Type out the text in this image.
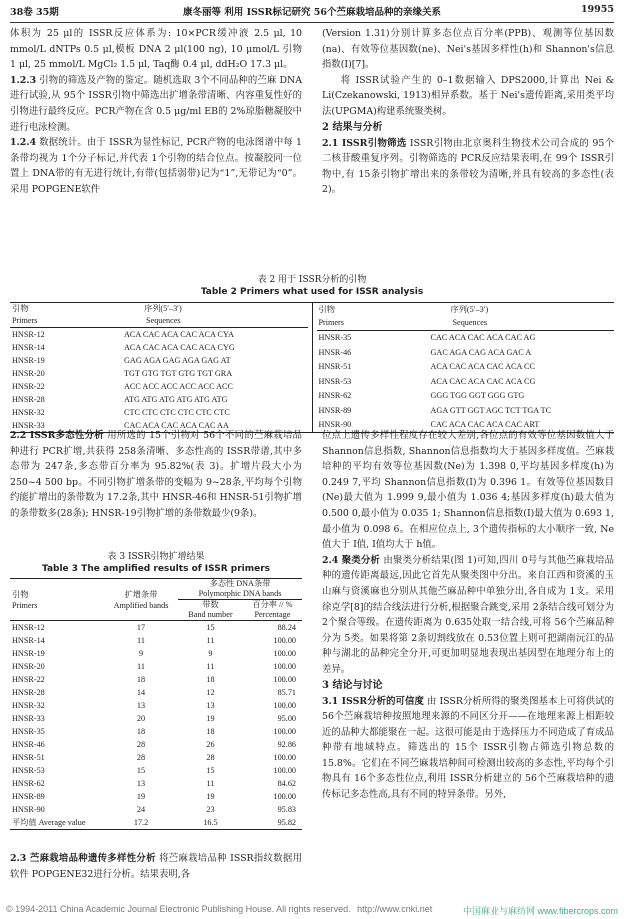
38卷 35期	康冬丽等 利用 ISSR标记研究 56个苎麻栽培品种的亲缘关系	19955

体积为 25 μl的 ISSR反应体系为: 10×PCR缓冲液 2.5 μl, 10 mmol/L dNTPs 0.5 μl,模板 DNA 2 μl(100 ng), 10 μmol/L 引物 1 μl, 25 mmol/L MgCl₂ 1.5 μl, Taq酶 0.4 μl, ddH₂O 17.3 μl。

1.2.3 引物的筛选及产物的鉴定。随机选取 3个不同品种的苎麻 DNA进行试验,从 95个 ISSR引物中筛选出扩增条带清晰、内容重复性好的引物进行最终反应。PCR产物在含 0.5 μg/ml EB的 2%琼脂糖凝胶中进行电泳检测。

1.2.4 数据统计。由于 ISSR为显性标记, PCR产物的电泳图谱中每 1条带均视为 1个分子标记,并代表 1个引物的结合位点。按凝胶同一位置上 DNA带的有无进行统计,有带(包括弱带)记为“1”,无带记为“0”。采用 POPGENE软件

(Version 1.31)分别计算多态位点百分率(PPB)、观测等位基因数(na)、有效等位基因数(ne)、Nei's基因多样性(h)和 Shannon's信息指数(I)[7]。

将 ISSR试验产生的 0–1数据输入 DPS2000,计算出 Nei & Li(Czekanowski, 1913)相异系数。基于 Nei's遗传距离,采用类平均法(UPGMA)构建系统聚类树。

2 结果与分析

2.1 ISSR引物筛选 ISSR引物由北京奥科生物技术公司合成的 95个二核苷酸重复序列。引物筛选的 PCR反应结果表明,在 99个 ISSR引物中,有 15条引物扩增出来的条带较为清晰,并具有较高的多态性(表 2)。

表 2 用于 ISSR分析的引物
Table 2 Primers what used for ISSR analysis
引物	序列(5′–3′)
Primers	Sequences
HNSR-12	ACA CAC ACA CAC ACA CYA
HNSR-14	ACA CAC ACA CAC ACA CYG
HNSR-19	GAG AGA GAG AGA GAG AT
HNSR-20	TGT GTG TGT GTG TGT GRA
HNSR-22	ACC ACC ACC ACC ACC ACC
HNSR-28	ATG ATG ATG ATG ATG ATG
HNSR-32	CTC CTC CTC CTC CTC CTC
HNSR-33	CAC ACA CAC ACA CAC AA
引物	序列(5′–3′)
Primers	Sequences
HNSR-35	CAC ACA CAC ACA CAC AG
HNSR-46	GAC AGA CAG ACA GAC A
HNSR-51	ACA CAC ACA CAC ACA CC
HNSR-53	ACA CAC ACA CAC ACA CG
HNSR-62	GGG TGG GGT GGG GTG
HNSR-89	AGA GTT GGT AGC TCT TGA TC
HNSR-90	CAC ACA CAC ACA CAC ART

2.2 ISSR多态性分析 用所选的 15个引物对 56个不同的苎麻栽培品种进行 PCR扩增,共获得 258条清晰、多态性高的 ISSR带谱,其中多态带为 247条,多态带百分率为 95.82%(表 3)。扩增片段大小为 250~4 500 bp。不同引物扩增条带的变幅为 9~28条,平均每个引物约能扩增出的条带数为 17.2条,其中 HNSR-46和 HNSR-51引物扩增的条带数多(28条); HNSR-19引物扩增的条带数最少(9条)。

表 3 ISSR引物扩增结果
Table 3 The amplified results of ISSR primers
引物
Primers	扩增条带
Amplified bands	多态性 DNA条带
Polymorphic DNA bands	
		带数	百分率 // %
		Band number	Percentage
HNSR-12	17	15	88.24
HNSR-14	11	11	100.00
HNSR-19	9	9	100.00
HNSR-20	11	11	100.00
HNSR-22	18	18	100.00
HNSR-28	14	12	85.71
HNSR-32	13	13	100.00
HNSR-33	20	19	95.00
HNSR-35	18	18	100.00
HNSR-46	28	26	92.86
HNSR-51	28	28	100.00
HNSR-53	15	15	100.00
HNSR-62	13	11	84.62
HNSR-89	19	19	100.00
HNSR-90	24	23	95.83
平均值 Average value	17.2	16.5	95.82

2.3 苎麻栽培品种遗传多样性分析 将苎麻栽培品种 ISSR指纹数据用软件 POPGENE32进行分析。结果表明,各

位点上遗传多样性程度存在较大差别,各位点的有效等位基因数值大于 Shannon信息指数, Shannon信息指数均大于基因多样度值。苎麻栽培种的平均有效等位基因数(Ne)为 1.398 0,平均基因多样度(h)为 0.249 7,平均 Shannon信息指数(I)为 0.396 1。有效等位基因数目(Ne)最大值为 1.999 9,最小值为 1.036 4;基因多样度(h)最大值为 0.500 0,最小值为 0.035 1; Shannon信息指数(I)最大值为 0.693 1,最小值为 0.098 6。在相应位点上, 3个遗传指标的大小顺序一致, Ne值大于 I值, I值均大于 h值。

2.4 聚类分析 由聚类分析结果(图 1)可知,四川 0号与其他苎麻栽培品种的遗传距离最远,因此它首先从聚类图中分出。来自江西和资溪的玉山麻与资溪麻也分别从其他苎麻品种中单独分出,各自成为 1支。采用徐克学[8]的结合线法进行分析,根据聚合跳变,采用 2条结合线可划分为 2个聚合等级。在遗传距离为 0.635处取一结合线,可将 56个苎麻品种分为 5类。如果将第 2条切割线放在 0.53位置上则可把湖南沅江的品种与湖北的品种完全分开,可更加明显地表现出基因型在地理分布上的差异。

3 结论与讨论

3.1 ISSR分析的可信度 由 ISSR分析所得的聚类图基本上可将供试的 56个苎麻栽培种按照地理来源的不同区分开——在地理来源上相距较近的品种大都能聚在一起。这很可能是由于选择压力不同造成了育成品种带有地域特点。筛选出的 15个 ISSR引物占筛选引物总数的 15.8%。它们在不同苎麻栽培种间可检测出较高的多态性,平均每个引物具有 16个多态性位点,利用 ISSR分析建立的 56个苎麻栽培种的遗传标记多态性高,具有不同的特异条带。另外,

© 1994-2011 China Academic Journal Electronic Publishing House. All rights reserved. http://www.cnki.net	中国麻业与麻纺网 www.fibercrops.com
